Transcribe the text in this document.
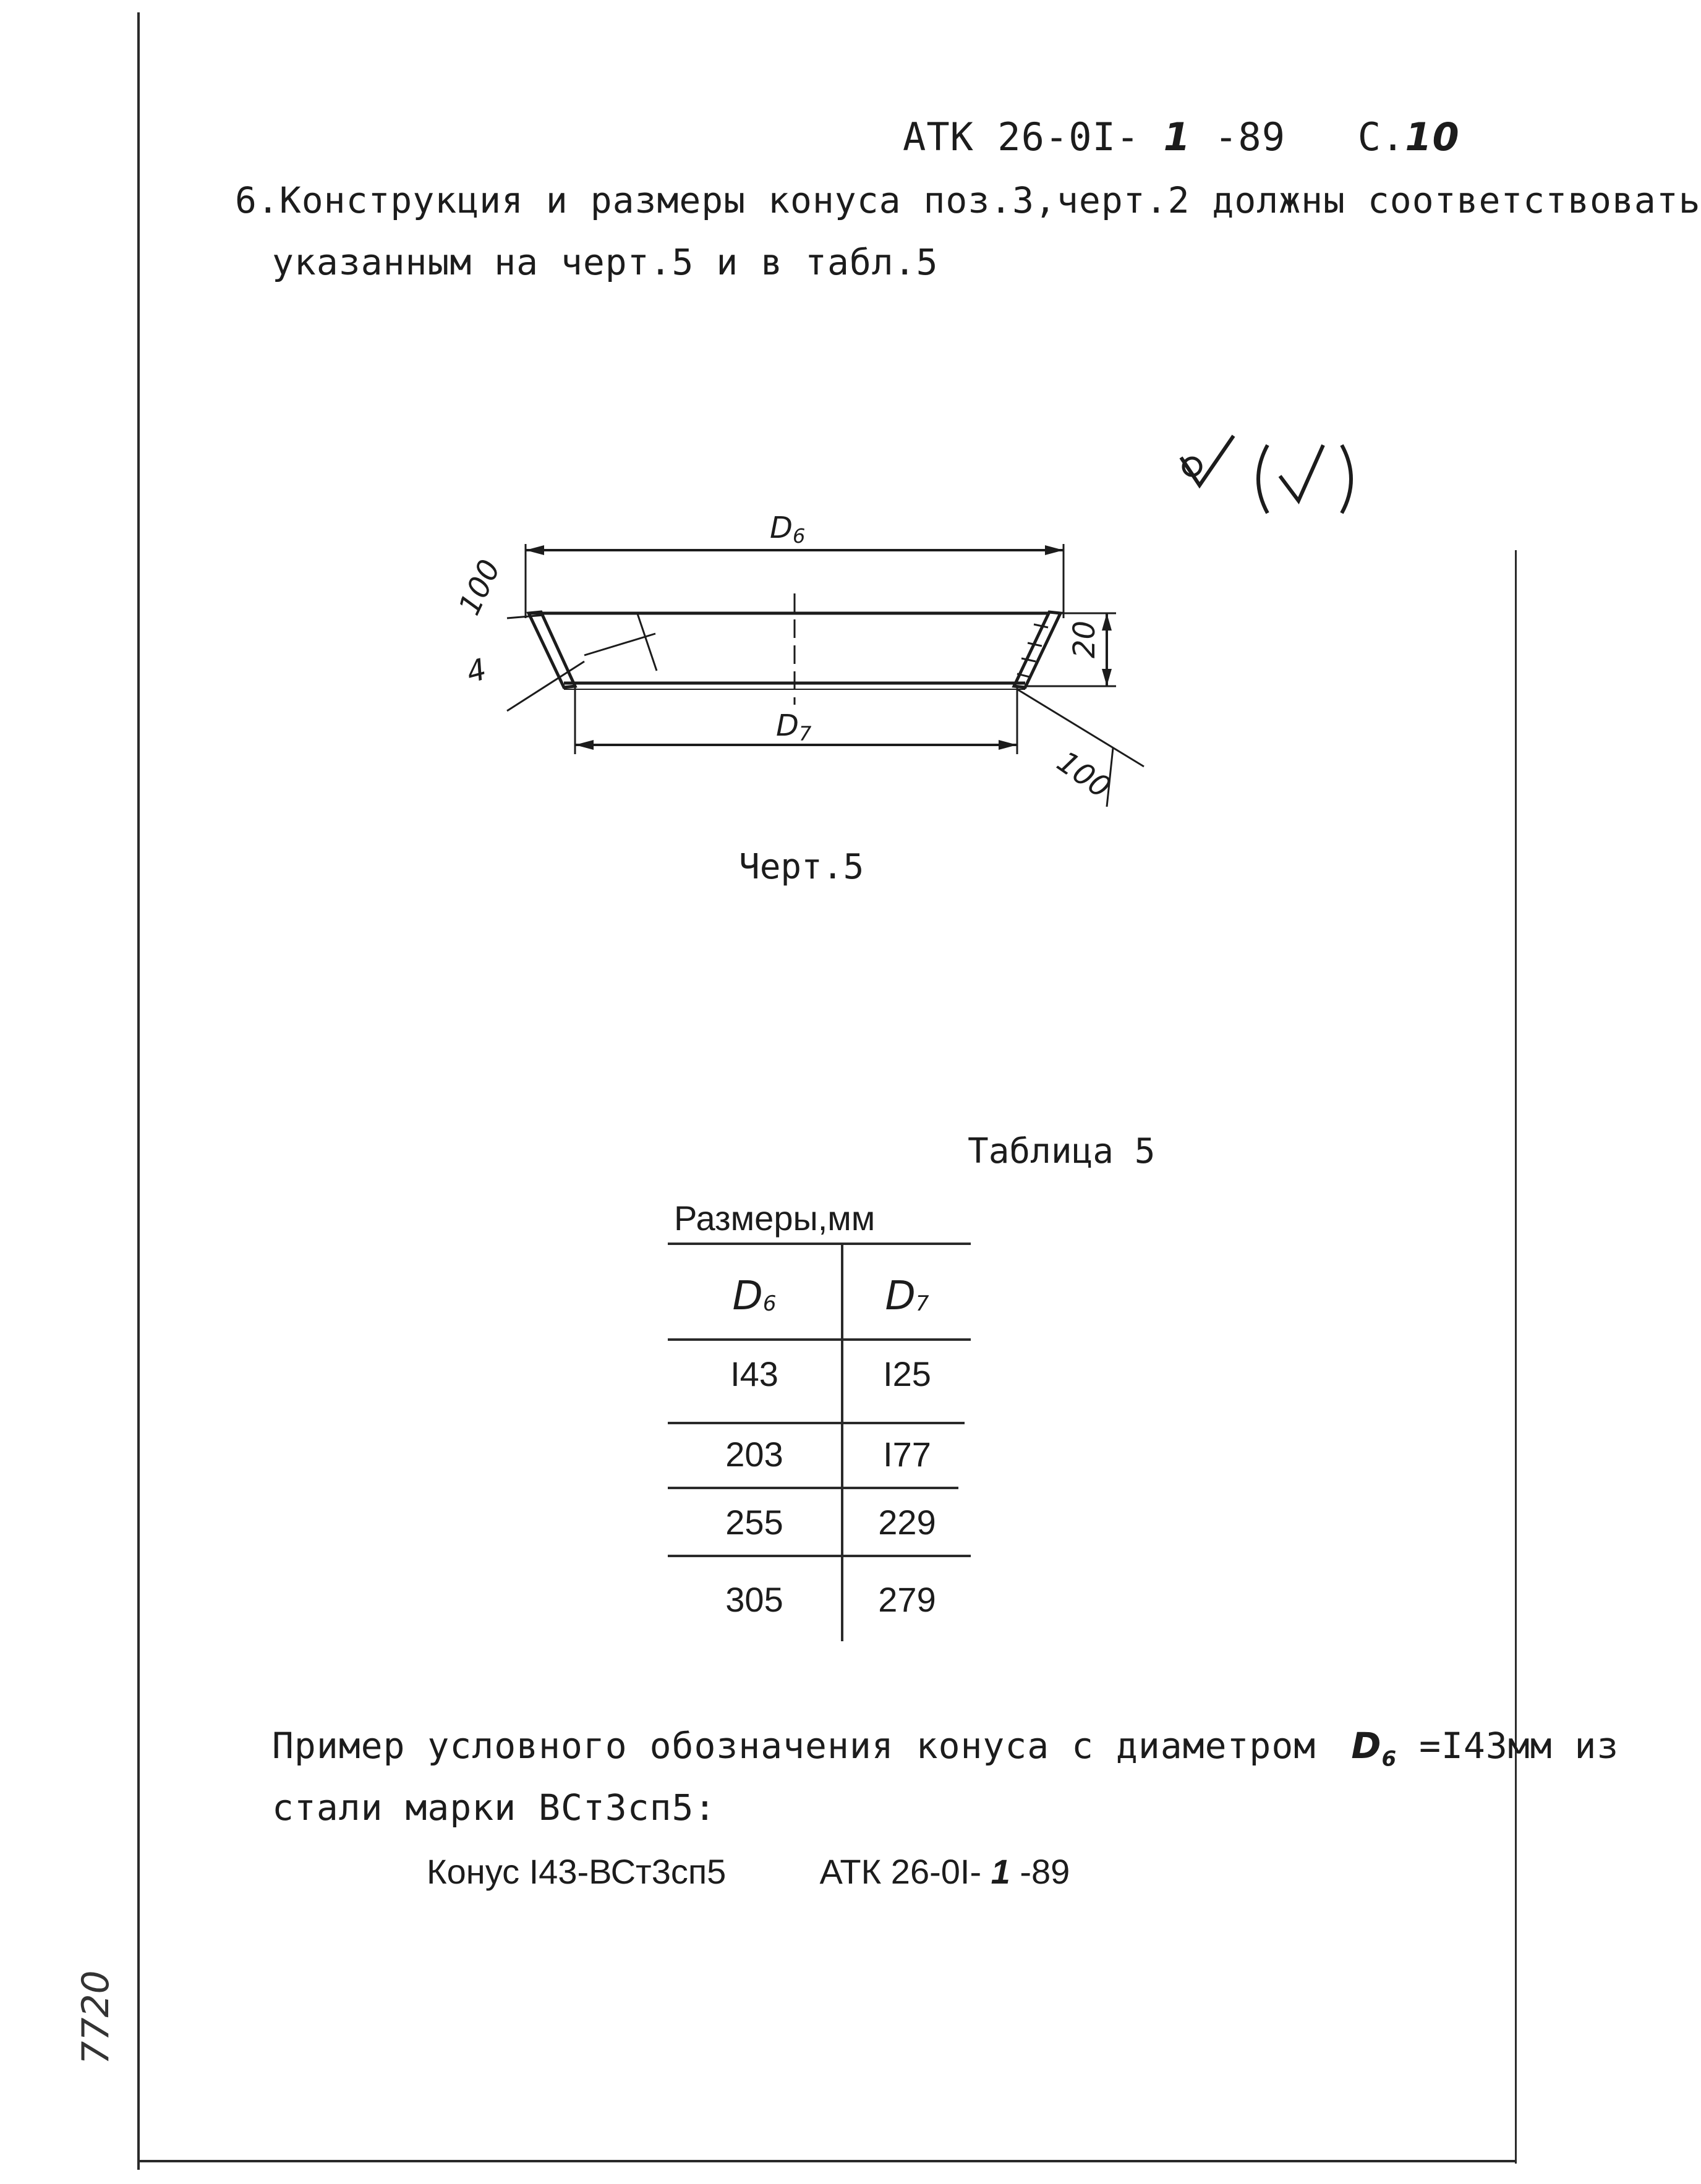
АТК 26-0I- 1 -89 С.10
6.Конструкция и размеры конуса поз.3,черт.2 должны соответствовать
указанным на черт.5 и в табл.5
D6
4
100
20
D7
100
Черт.5
Таблица 5
Размеры,мм
$D_6$	$D_7$
I43	I25
203	I77
255	229
305	279
Пример условного обозначения конуса с диаметром $D_6 =I43мм$ из
стали марки ВСт3сп5:
Конус I43-ВСт3сп5	АТК 26-0I- 1 -89
7720
